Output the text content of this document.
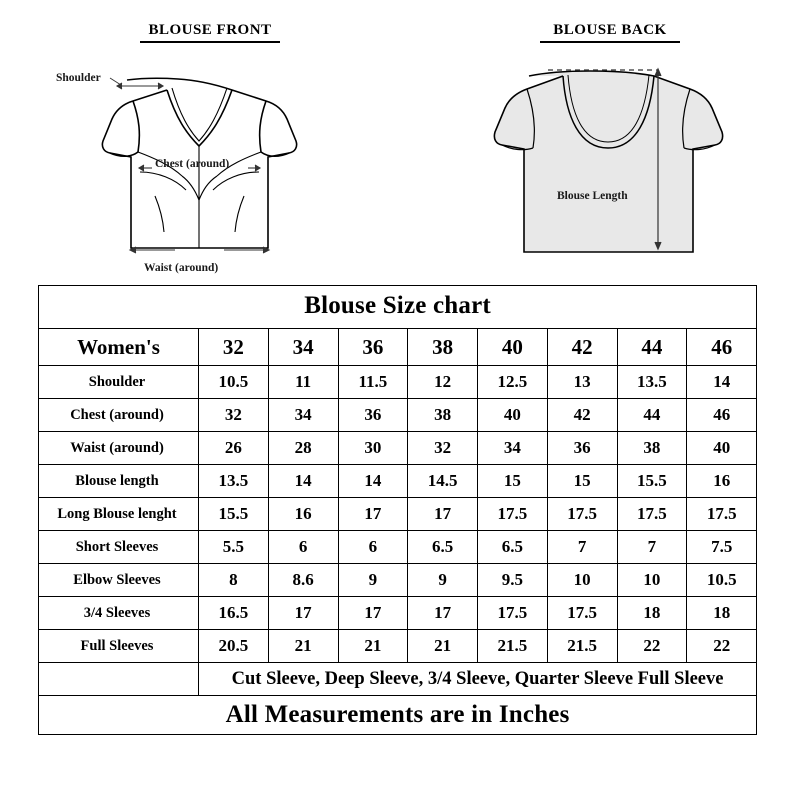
BLOUSE FRONT	BLOUSE BACK
Shoulder
Chest (around)
Waist (around)
Blouse Length
Blouse Size chart								
Women's	32	34	36	38	40	42	44	46
Shoulder	10.5	11	11.5	12	12.5	13	13.5	14
Chest (around)	32	34	36	38	40	42	44	46
Waist (around)	26	28	30	32	34	36	38	40
Blouse length	13.5	14	14	14.5	15	15	15.5	16
Long Blouse lenght	15.5	16	17	17	17.5	17.5	17.5	17.5
Short Sleeves	5.5	6	6	6.5	6.5	7	7	7.5
Elbow Sleeves	8	8.6	9	9	9.5	10	10	10.5
3/4 Sleeves	16.5	17	17	17	17.5	17.5	18	18
Full Sleeves	20.5	21	21	21	21.5	21.5	22	22
	Cut Sleeve, Deep Sleeve, 3/4 Sleeve, Quarter Sleeve Full Sleeve							
All Measurements are in Inches								
